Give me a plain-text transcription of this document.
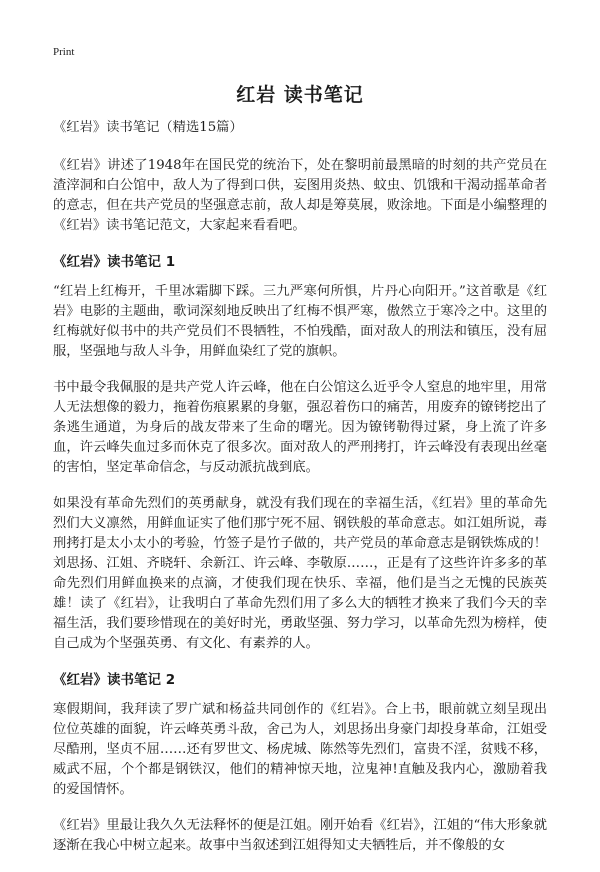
Print
红岩 读书笔记

《红岩》读书笔记（精选15篇）

《红岩》讲述了1948年在国民党的统治下，处在黎明前最黑暗的时刻的共产党员在渣滓洞和白公馆中，敌人为了得到口供，妄图用炎热、蚊虫、饥饿和干渴动摇革命者的意志，但在共产党员的坚强意志前，敌人却是筹莫展，败涂地。下面是小编整理的《红岩》读书笔记范文，大家起来看看吧。

《红岩》读书笔记 1

“红岩上红梅开，千里冰霜脚下踩。三九严寒何所惧，片丹心向阳开。”这首歌是《红岩》电影的主题曲，歌词深刻地反映出了红梅不惧严寒，傲然立于寒冷之中。这里的红梅就好似书中的共产党员们不畏牺牲，不怕残酷，面对敌人的刑法和镇压，没有屈服，坚强地与敌人斗争，用鲜血染红了党的旗帜。

书中最令我佩服的是共产党人许云峰，他在白公馆这么近乎令人窒息的地牢里，用常人无法想像的毅力，拖着伤痕累累的身躯，强忍着伤口的痛苦，用废弃的镣铐挖出了条逃生通道，为身后的战友带来了生命的曙光。因为镣铐勒得过紧，身上流了许多血，许云峰失血过多而休克了很多次。面对敌人的严刑拷打，许云峰没有表现出丝毫的害怕，坚定革命信念，与反动派抗战到底。

如果没有革命先烈们的英勇献身，就没有我们现在的幸福生活，《红岩》里的革命先烈们大义凛然，用鲜血证实了他们那宁死不屈、钢铁般的革命意志。如江姐所说，毒刑拷打是太小太小的考验，竹签子是竹子做的，共产党员的革命意志是钢铁炼成的！刘思扬、江姐、齐晓轩、余新江、许云峰、李敬原……，正是有了这些许许多多的革命先烈们用鲜血换来的点滴，才使我们现在快乐、幸福，他们是当之无愧的民族英雄！读了《红岩》，让我明白了革命先烈们用了多么大的牺牲才换来了我们今天的幸福生活，我们要珍惜现在的美好时光，勇敢坚强、努力学习，以革命先烈为榜样，使自己成为个坚强英勇、有文化、有素养的人。

《红岩》读书笔记 2

寒假期间，我拜读了罗广斌和杨益共同创作的《红岩》。合上书，眼前就立刻呈现出位位英雄的面貌，许云峰英勇斗敌，舍己为人，刘思扬出身豪门却投身革命，江姐受尽酷刑，坚贞不屈……还有罗世文、杨虎城、陈然等先烈们，富贵不淫，贫贱不移，威武不屈，个个都是钢铁汉，他们的精神惊天地，泣鬼神!直触及我内心，激励着我的爱国情怀。

《红岩》里最让我久久无法释怀的便是江姐。刚开始看《红岩》，江姐的“伟大形象就逐渐在我心中树立起来。故事中当叙述到江姐得知丈夫牺牲后，并不像般的女
